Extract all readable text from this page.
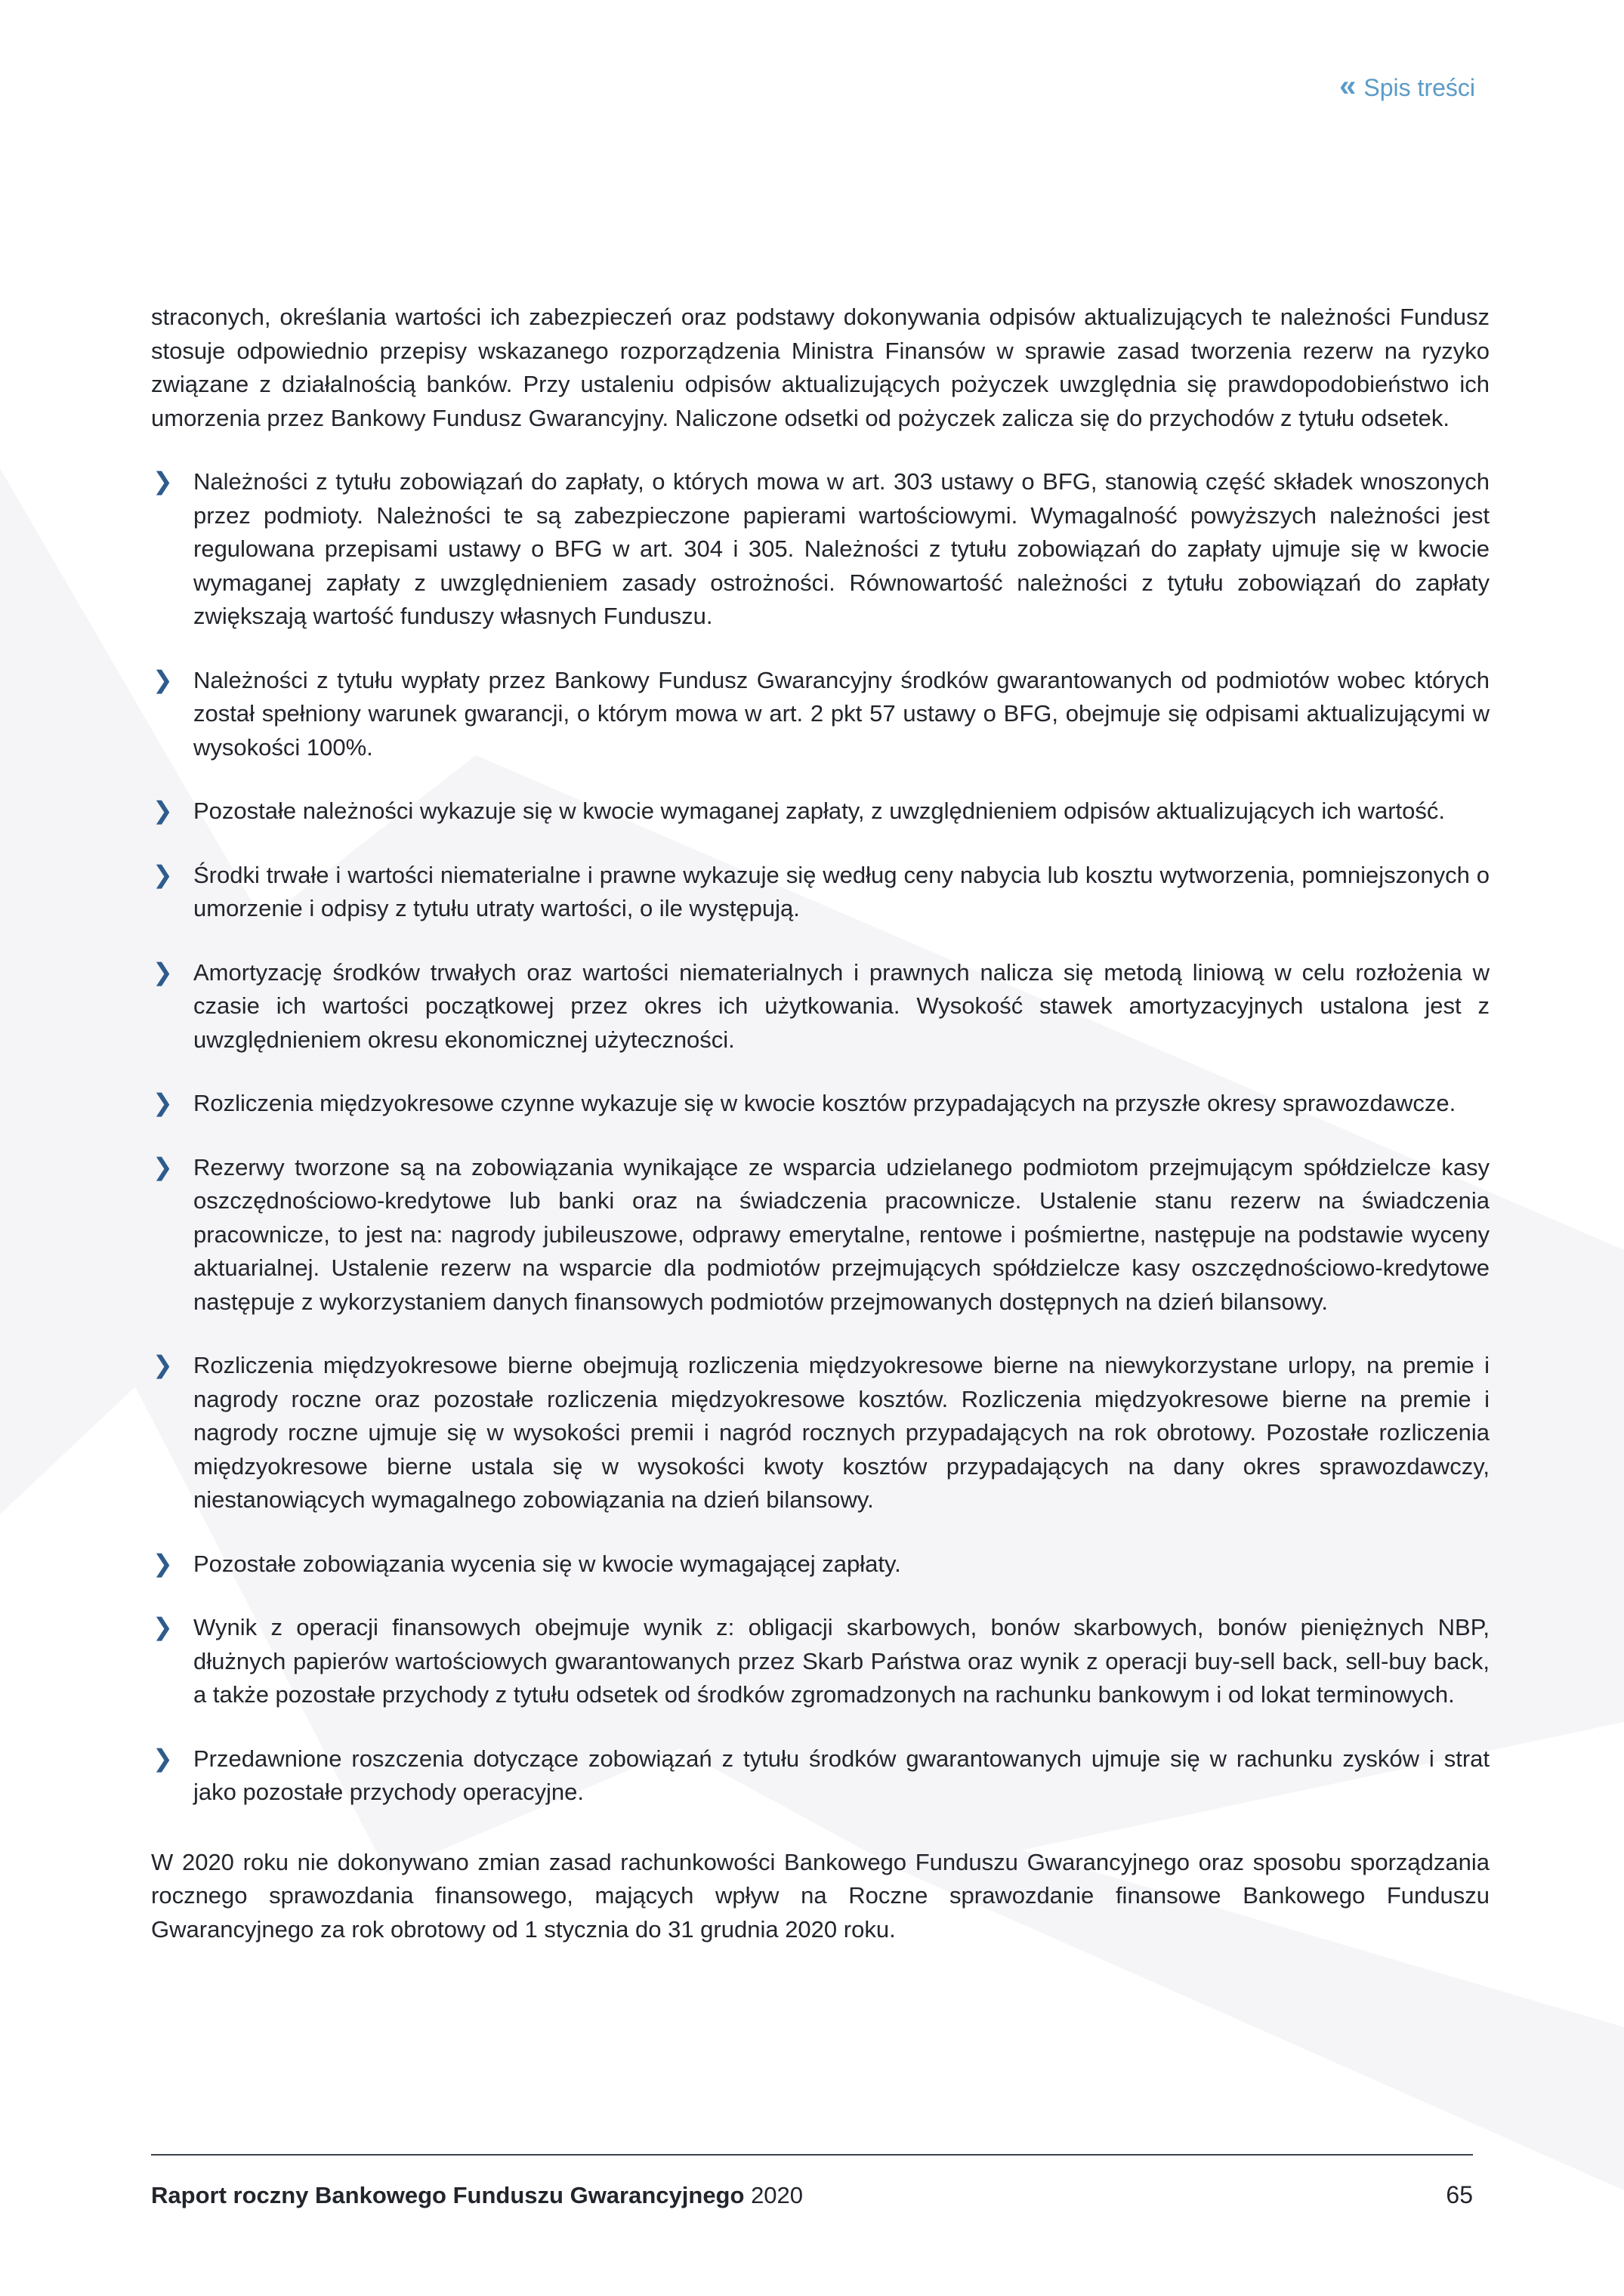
« Spis treści

straconych, określania wartości ich zabezpieczeń oraz podstawy dokonywania odpisów aktualizujących te należności Fundusz stosuje odpowiednio przepisy wskazanego rozporządzenia Ministra Finansów w sprawie zasad tworzenia rezerw na ryzyko związane z działalnością banków. Przy ustaleniu odpisów aktualizujących pożyczek uwzględnia się prawdopodobieństwo ich umorzenia przez Bankowy Fundusz Gwarancyjny. Naliczone odsetki od pożyczek zalicza się do przychodów z tytułu odsetek.

❯ Należności z tytułu zobowiązań do zapłaty, o których mowa w art. 303 ustawy o BFG, stanowią część składek wnoszonych przez podmioty. Należności te są zabezpieczone papierami wartościowymi. Wymagalność powyższych należności jest regulowana przepisami ustawy o BFG w art. 304 i 305. Należności z tytułu zobowiązań do zapłaty ujmuje się w kwocie wymaganej zapłaty z uwzględnieniem zasady ostrożności. Równowartość należności z tytułu zobowiązań do zapłaty zwiększają wartość funduszy własnych Funduszu.
❯ Należności z tytułu wypłaty przez Bankowy Fundusz Gwarancyjny środków gwarantowanych od podmiotów wobec których został spełniony warunek gwarancji, o którym mowa w art. 2 pkt 57 ustawy o BFG, obejmuje się odpisami aktualizującymi w wysokości 100%.
❯ Pozostałe należności wykazuje się w kwocie wymaganej zapłaty, z uwzględnieniem odpisów aktualizujących ich wartość.
❯ Środki trwałe i wartości niematerialne i prawne wykazuje się według ceny nabycia lub kosztu wytworzenia, pomniejszonych o umorzenie i odpisy z tytułu utraty wartości, o ile występują.
❯ Amortyzację środków trwałych oraz wartości niematerialnych i prawnych nalicza się metodą liniową w celu rozłożenia w czasie ich wartości początkowej przez okres ich użytkowania. Wysokość stawek amortyzacyjnych ustalona jest z uwzględnieniem okresu ekonomicznej użyteczności.
❯ Rozliczenia międzyokresowe czynne wykazuje się w kwocie kosztów przypadających na przyszłe okresy sprawozdawcze.
❯ Rezerwy tworzone są na zobowiązania wynikające ze wsparcia udzielanego podmiotom przejmującym spółdzielcze kasy oszczędnościowo-kredytowe lub banki oraz na świadczenia pracownicze. Ustalenie stanu rezerw na świadczenia pracownicze, to jest na: nagrody jubileuszowe, odprawy emerytalne, rentowe i pośmiertne, następuje na podstawie wyceny aktuarialnej. Ustalenie rezerw na wsparcie dla podmiotów przejmujących spółdzielcze kasy oszczędnościowo-kredytowe następuje z wykorzystaniem danych finansowych podmiotów przejmowanych dostępnych na dzień bilansowy.
❯ Rozliczenia międzyokresowe bierne obejmują rozliczenia międzyokresowe bierne na niewykorzystane urlopy, na premie i nagrody roczne oraz pozostałe rozliczenia międzyokresowe kosztów. Rozliczenia międzyokresowe bierne na premie i nagrody roczne ujmuje się w wysokości premii i nagród rocznych przypadających na rok obrotowy. Pozostałe rozliczenia międzyokresowe bierne ustala się w wysokości kwoty kosztów przypadających na dany okres sprawozdawczy, niestanowiących wymagalnego zobowiązania na dzień bilansowy.
❯ Pozostałe zobowiązania wycenia się w kwocie wymagającej zapłaty.
❯ Wynik z operacji finansowych obejmuje wynik z: obligacji skarbowych, bonów skarbowych, bonów pieniężnych NBP, dłużnych papierów wartościowych gwarantowanych przez Skarb Państwa oraz wynik z operacji buy-sell back, sell-buy back, a także pozostałe przychody z tytułu odsetek od środków zgromadzonych na rachunku bankowym i od lokat terminowych.
❯ Przedawnione roszczenia dotyczące zobowiązań z tytułu środków gwarantowanych ujmuje się w rachunku zysków i strat jako pozostałe przychody operacyjne.

W 2020 roku nie dokonywano zmian zasad rachunkowości Bankowego Funduszu Gwarancyjnego oraz sposobu sporządzania rocznego sprawozdania finansowego, mających wpływ na Roczne sprawozdanie finansowe Bankowego Funduszu Gwarancyjnego za rok obrotowy od 1 stycznia do 31 grudnia 2020 roku.

Raport roczny Bankowego Funduszu Gwarancyjnego 2020	65
